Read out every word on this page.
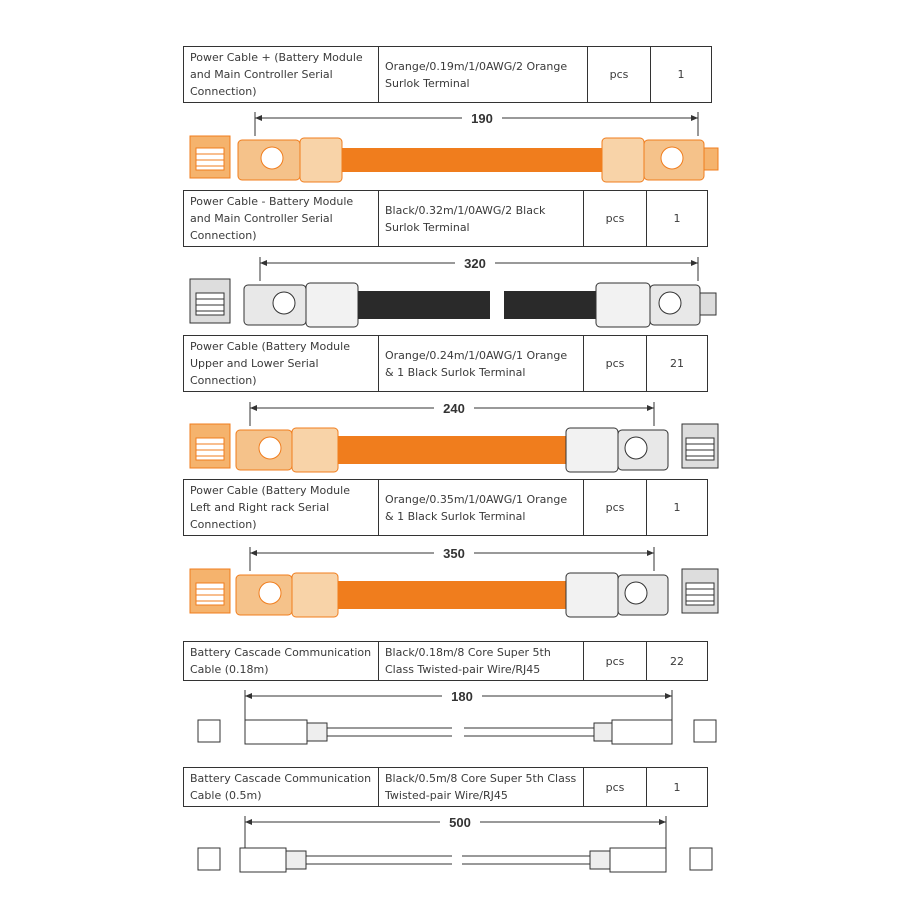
Power Cable + (Battery Module and Main Controller Serial Connection)	Orange/0.19m/1/0AWG/2 Orange Surlok Terminal	pcs	1
190
Power Cable - Battery Module and Main Controller Serial Connection)	Black/0.32m/1/0AWG/2 Black Surlok Terminal	pcs	1
320
Power Cable (Battery Module Upper and Lower Serial Connection)	Orange/0.24m/1/0AWG/1 Orange & 1 Black Surlok Terminal	pcs	21
240
Power Cable (Battery Module Left and Right rack Serial Connection)	Orange/0.35m/1/0AWG/1 Orange & 1 Black Surlok Terminal	pcs	1
350
Battery Cascade Communication Cable (0.18m)	Black/0.18m/8 Core Super 5th Class Twisted-pair Wire/RJ45	pcs	22
180
Battery Cascade Communication Cable (0.5m)	Black/0.5m/8 Core Super 5th Class Twisted-pair Wire/RJ45	pcs	1
500
